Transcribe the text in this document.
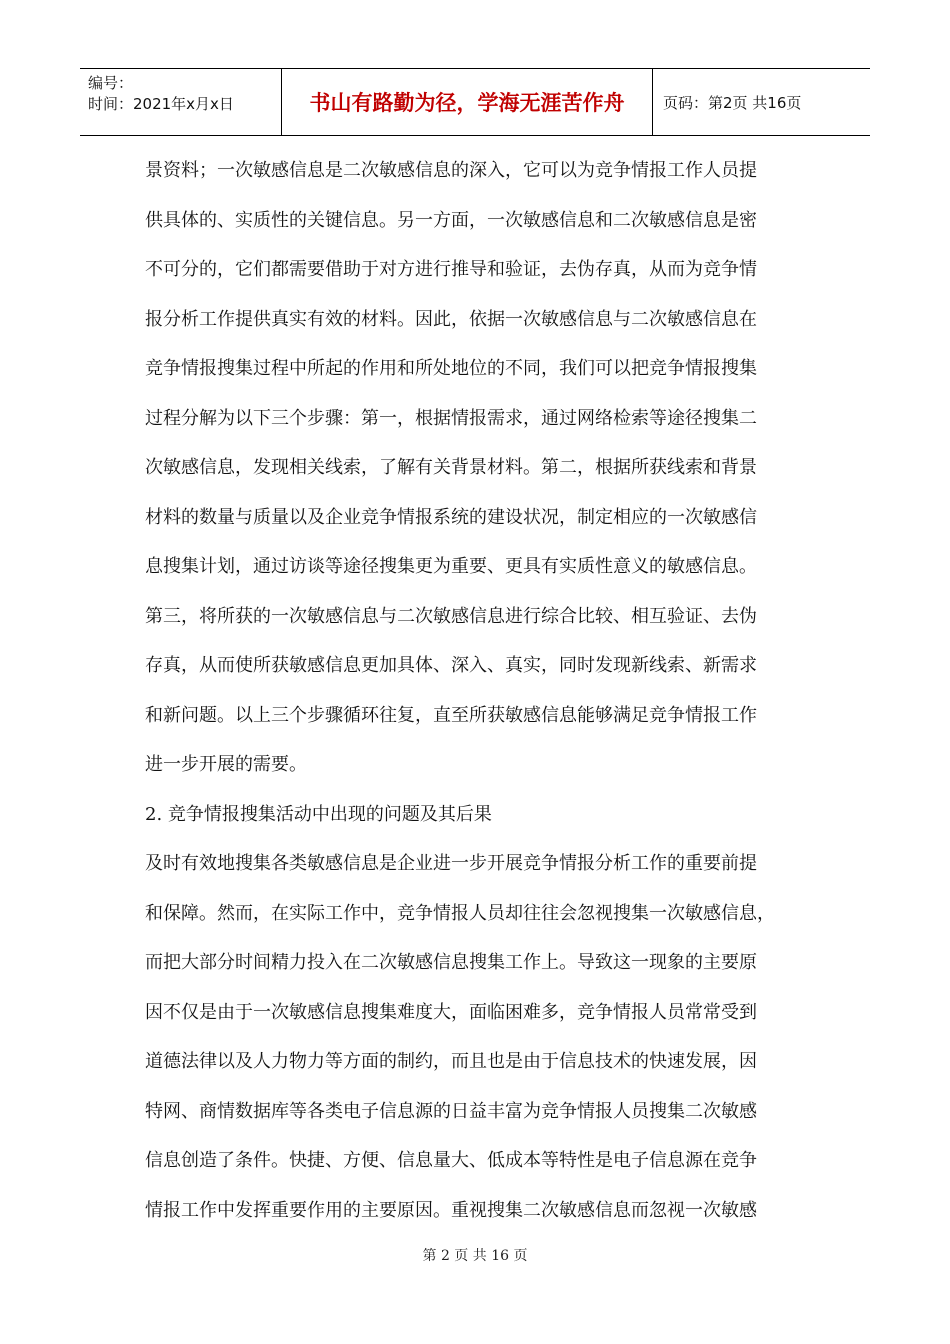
编号：
时间：2021年x月x日	书山有路勤为径，学海无涯苦作舟	页码：第2页 共16页
景资料；一次敏感信息是二次敏感信息的深入，它可以为竞争情报工作人员提
供具体的、实质性的关键信息。另一方面，一次敏感信息和二次敏感信息是密
不可分的，它们都需要借助于对方进行推导和验证，去伪存真，从而为竞争情
报分析工作提供真实有效的材料。因此，依据一次敏感信息与二次敏感信息在
竞争情报搜集过程中所起的作用和所处地位的不同，我们可以把竞争情报搜集
过程分解为以下三个步骤：第一，根据情报需求，通过网络检索等途径搜集二
次敏感信息，发现相关线索，了解有关背景材料。第二，根据所获线索和背景
材料的数量与质量以及企业竞争情报系统的建设状况，制定相应的一次敏感信
息搜集计划，通过访谈等途径搜集更为重要、更具有实质性意义的敏感信息。
第三，将所获的一次敏感信息与二次敏感信息进行综合比较、相互验证、去伪
存真，从而使所获敏感信息更加具体、深入、真实，同时发现新线索、新需求
和新问题。以上三个步骤循环往复，直至所获敏感信息能够满足竞争情报工作
进一步开展的需要。
2. 竞争情报搜集活动中出现的问题及其后果
及时有效地搜集各类敏感信息是企业进一步开展竞争情报分析工作的重要前提
和保障。然而，在实际工作中，竞争情报人员却往往会忽视搜集一次敏感信息，
而把大部分时间精力投入在二次敏感信息搜集工作上。导致这一现象的主要原
因不仅是由于一次敏感信息搜集难度大，面临困难多，竞争情报人员常常受到
道德法律以及人力物力等方面的制约，而且也是由于信息技术的快速发展，因
特网、商情数据库等各类电子信息源的日益丰富为竞争情报人员搜集二次敏感
信息创造了条件。快捷、方便、信息量大、低成本等特性是电子信息源在竞争
情报工作中发挥重要作用的主要原因。重视搜集二次敏感信息而忽视一次敏感
第 2 页 共 16 页
